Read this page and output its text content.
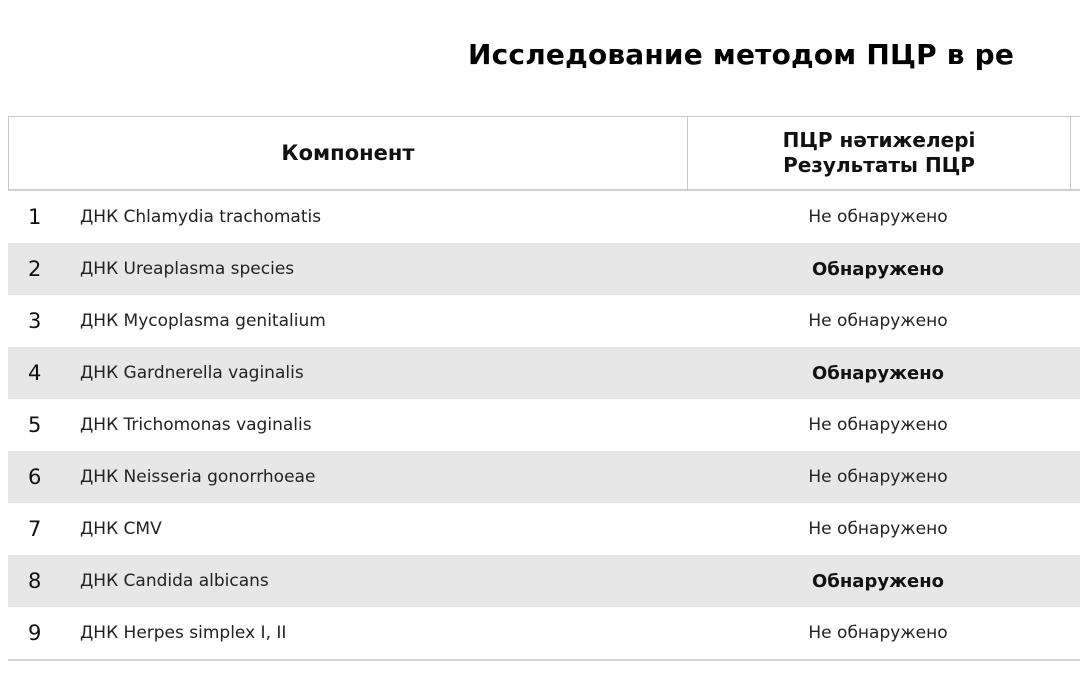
Исследование методом ПЦР в ре
Компонент
ПЦР нәтижелері
Результаты ПЦР
1	ДНК Chlamydia trachomatis	Не обнаружено
2	ДНК Ureaplasma species	Обнаружено
3	ДНК Mycoplasma genitalium	Не обнаружено
4	ДНК Gardnerella vaginalis	Обнаружено
5	ДНК Trichomonas vaginalis	Не обнаружено
6	ДНК Neisseria gonorrhoeae	Не обнаружено
7	ДНК CMV	Не обнаружено
8	ДНК Candida albicans	Обнаружено
9	ДНК Herpes simplex I, II	Не обнаружено
